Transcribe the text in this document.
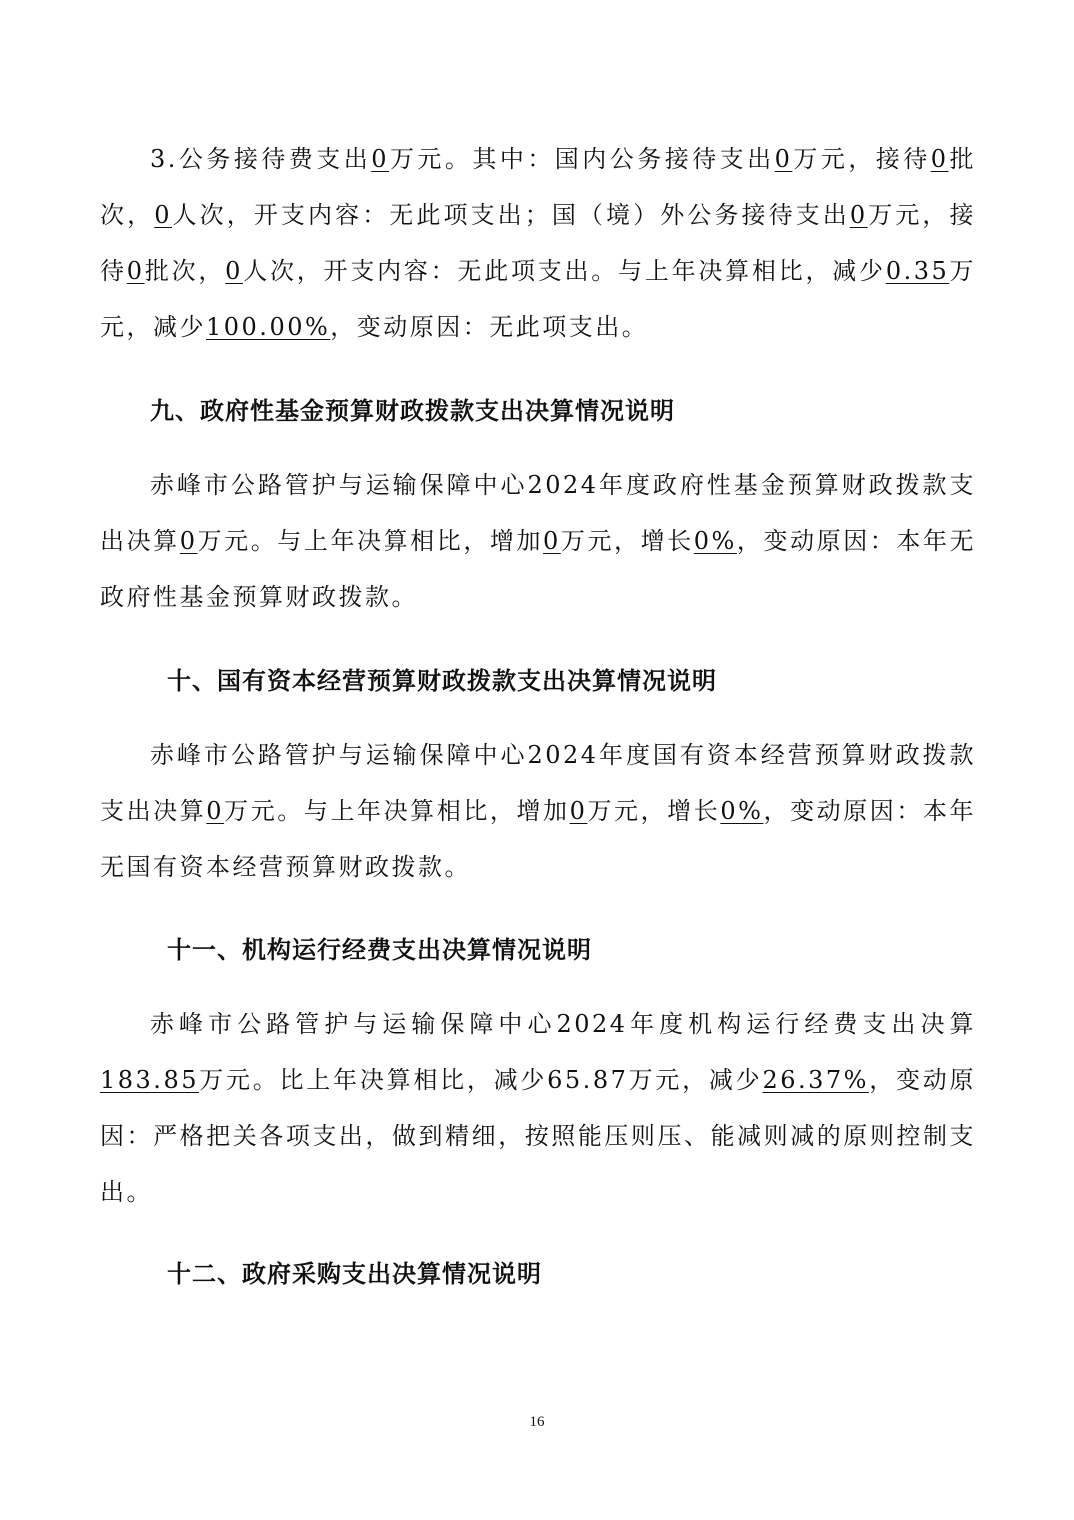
3.公务接待费支出0万元。其中：国内公务接待支出0万元，接待0批次，0人次，开支内容：无此项支出；国（境）外公务接待支出0万元，接待0批次，0人次，开支内容：无此项支出。与上年决算相比，减少0.35万元，减少100.00%，变动原因：无此项支出。

九、政府性基金预算财政拨款支出决算情况说明

赤峰市公路管护与运输保障中心2024年度政府性基金预算财政拨款支出决算0万元。与上年决算相比，增加0万元，增长0%，变动原因：本年无政府性基金预算财政拨款。

十、国有资本经营预算财政拨款支出决算情况说明

赤峰市公路管护与运输保障中心2024年度国有资本经营预算财政拨款支出决算0万元。与上年决算相比，增加0万元，增长0%，变动原因：本年无国有资本经营预算财政拨款。

十一、机构运行经费支出决算情况说明

赤峰市公路管护与运输保障中心2024年度机构运行经费支出决算183.85万元。比上年决算相比，减少65.87万元，减少26.37%，变动原因：严格把关各项支出，做到精细，按照能压则压、能减则减的原则控制支出。

十二、政府采购支出决算情况说明
16
